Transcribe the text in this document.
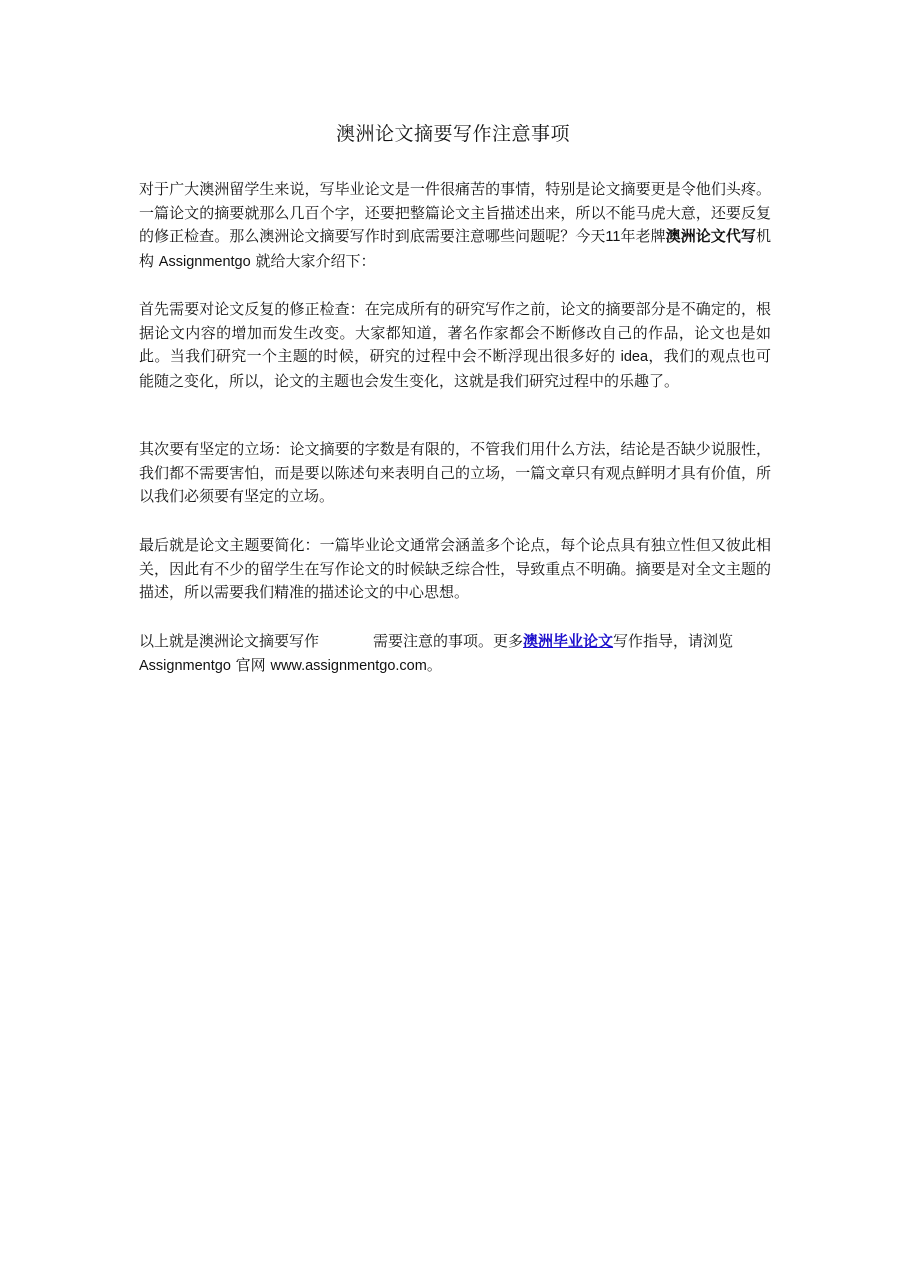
澳洲论文摘要写作注意事项

对于广大澳洲留学生来说，写毕业论文是一件很痛苦的事情，特别是论文摘要更是令他们头疼。一篇论文的摘要就那么几百个字，还要把整篇论文主旨描述出来，所以不能马虎大意，还要反复的修正检查。那么澳洲论文摘要写作时到底需要注意哪些问题呢？今天11年老牌澳洲论文代写机构 Assignmentgo 就给大家介绍下：

首先需要对论文反复的修正检查：在完成所有的研究写作之前，论文的摘要部分是不确定的，根据论文内容的增加而发生改变。大家都知道，著名作家都会不断修改自己的作品，论文也是如此。当我们研究一个主题的时候，研究的过程中会不断浮现出很多好的 idea，我们的观点也可能随之变化，所以，论文的主题也会发生变化，这就是我们研究过程中的乐趣了。

其次要有坚定的立场：论文摘要的字数是有限的，不管我们用什么方法，结论是否缺少说服性，我们都不需要害怕，而是要以陈述句来表明自己的立场，一篇文章只有观点鲜明才具有价值，所以我们必须要有坚定的立场。

最后就是论文主题要简化：一篇毕业论文通常会涵盖多个论点，每个论点具有独立性但又彼此相关，因此有不少的留学生在写作论文的时候缺乏综合性，导致重点不明确。摘要是对全文主题的描述，所以需要我们精准的描述论文的中心思想。

以上就是澳洲论文摘要写作	需要注意的事项。更多澳洲毕业论文写作指导，请浏览
Assignmentgo 官网 www.assignmentgo.com。
